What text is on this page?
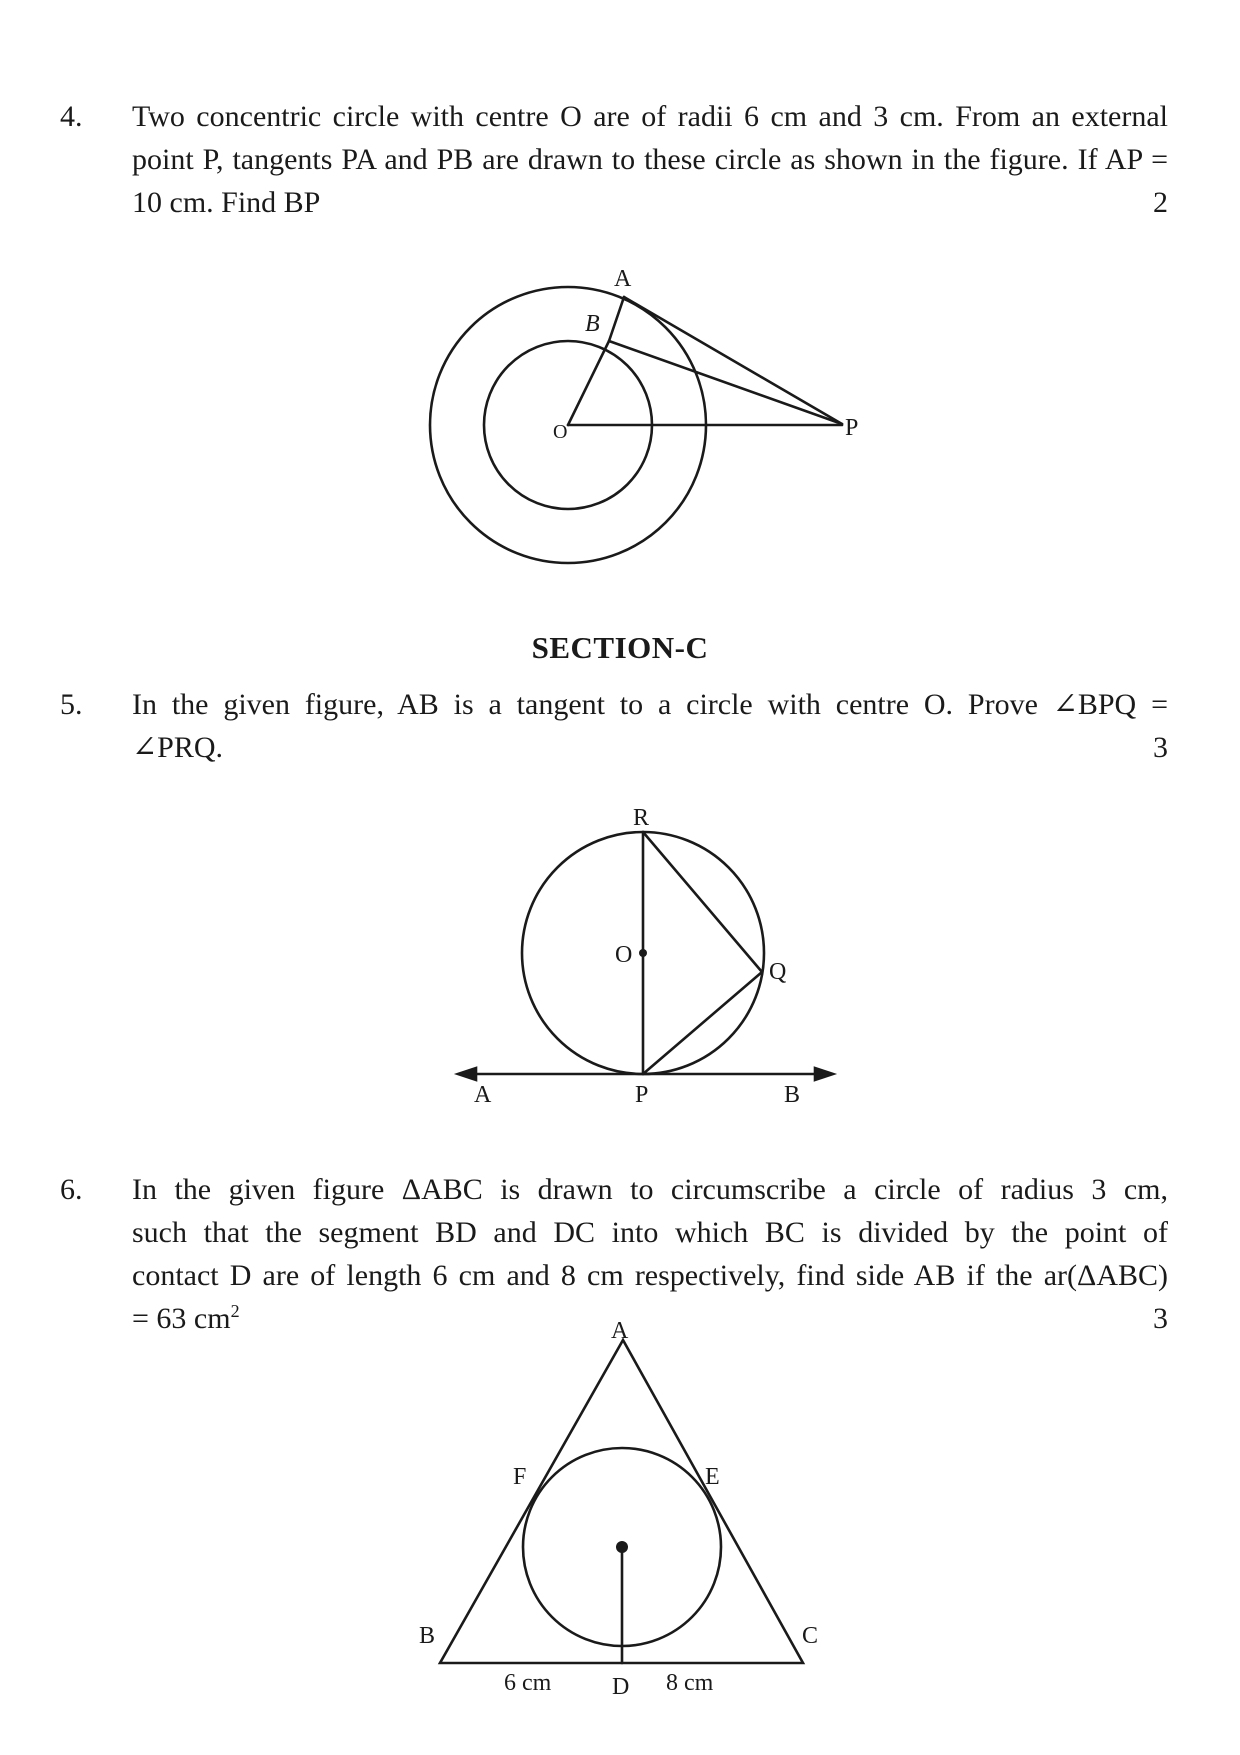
4. Two concentric circle with centre O are of radii 6 cm and 3 cm. From an external
point P, tangents PA and PB are drawn to these circle as shown in the figure. If AP =
10 cm. Find BP	2
SECTION-C
5. In the given figure, AB is a tangent to a circle with centre O. Prove ∠BPQ =
∠PRQ.	3
6. In the given figure ΔABC is drawn to circumscribe a circle of radius 3 cm,
such that the segment BD and DC into which BC is divided by the point of
contact D are of length 6 cm and 8 cm respectively, find side AB if the ar(ΔABC)
= 63 $cm^2$	3
A
B
O	P
R
O
Q
A	P	B
A
F	E
B	C
D
6 cm	8 cm
